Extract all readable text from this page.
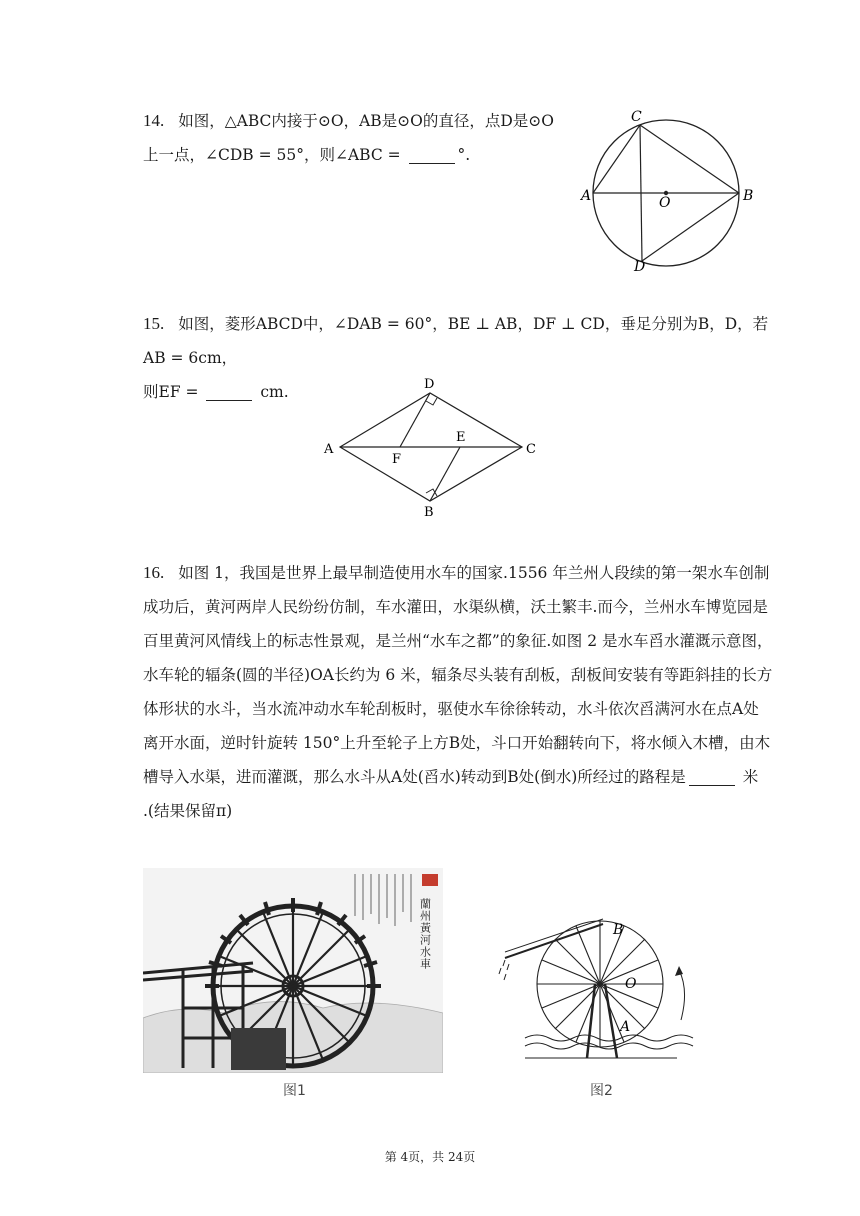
14. 如图，△ABC内接于⊙O，AB是⊙O的直径，点D是⊙O
上一点，∠CDB = 55°，则∠ABC =	°.
A	B
C
D
O
15. 如图，菱形ABCD中，∠DAB = 60°，BE ⊥ AB，DF ⊥ CD，垂足分别为B，D，若AB = 6cm，
则EF =	cm.
A	C
D
B
E
F
16. 如图 1，我国是世界上最早制造使用水车的国家.1556 年兰州人段续的第一架水车创制
成功后，黄河两岸人民纷纷仿制，车水灌田，水渠纵横，沃土繁丰.而今，兰州水车博览园是
百里黄河风情线上的标志性景观，是兰州“水车之都”的象征.如图 2 是水车舀水灌溉示意图，
水车轮的辐条(圆的半径)OA长约为 6 米，辐条尽头装有刮板，刮板间安装有等距斜挂的长方
体形状的水斗，当水流冲动水车轮刮板时，驱使水车徐徐转动，水斗依次舀满河水在点A处
离开水面，逆时针旋转 150°上升至轮子上方B处，斗口开始翻转向下，将水倾入木槽，由木
槽导入水渠，进而灌溉，那么水斗从A处(舀水)转动到B处(倒水)所经过的路程是	米
.(结果保留π)
蘭州黃河水車
图1
B
O
A
图2
第 4页，共 24页
